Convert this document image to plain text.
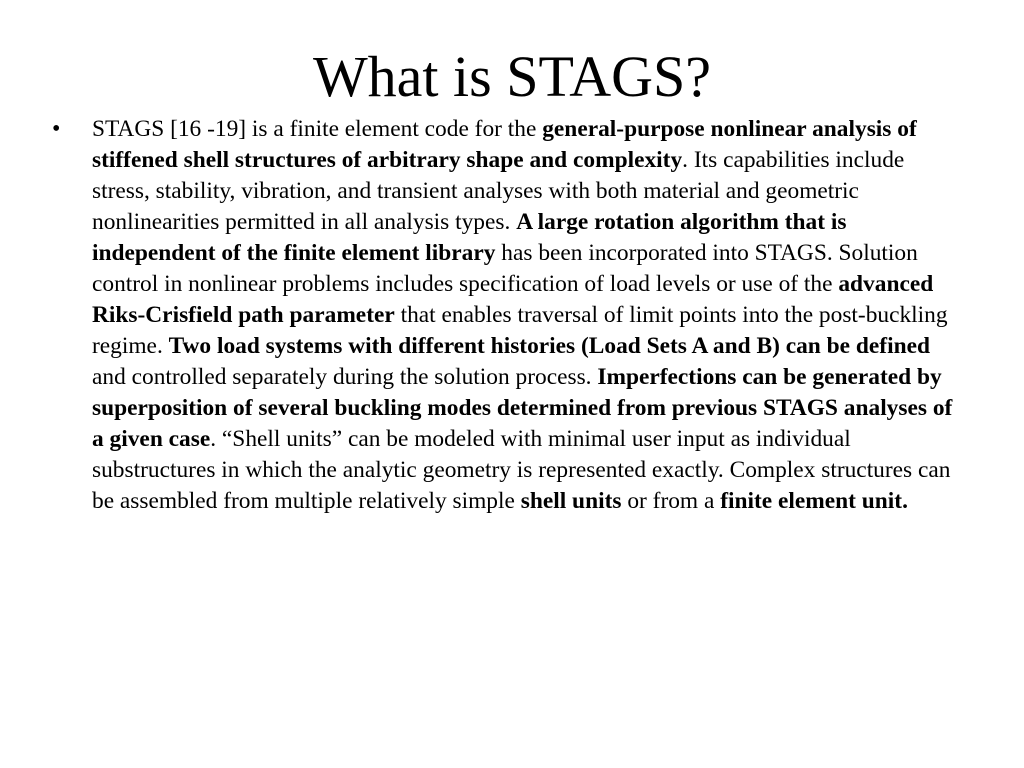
What is STAGS?
• STAGS [16 -19] is a finite element code for the general-purpose nonlinear analysis of stiffened shell structures of arbitrary shape and complexity. Its capabilities include stress, stability, vibration, and transient analyses with both material and geometric nonlinearities permitted in all analysis types. A large rotation algorithm that is independent of the finite element library has been incorporated into STAGS. Solution control in nonlinear problems includes specification of load levels or use of the advanced Riks-Crisfield path parameter that enables traversal of limit points into the post-buckling regime. Two load systems with different histories (Load Sets A and B) can be defined and controlled separately during the solution process. Imperfections can be generated by superposition of several buckling modes determined from previous STAGS analyses of a given case. “Shell units” can be modeled with minimal user input as individual substructures in which the analytic geometry is represented exactly. Complex structures can be assembled from multiple relatively simple shell units or from a finite element unit.
